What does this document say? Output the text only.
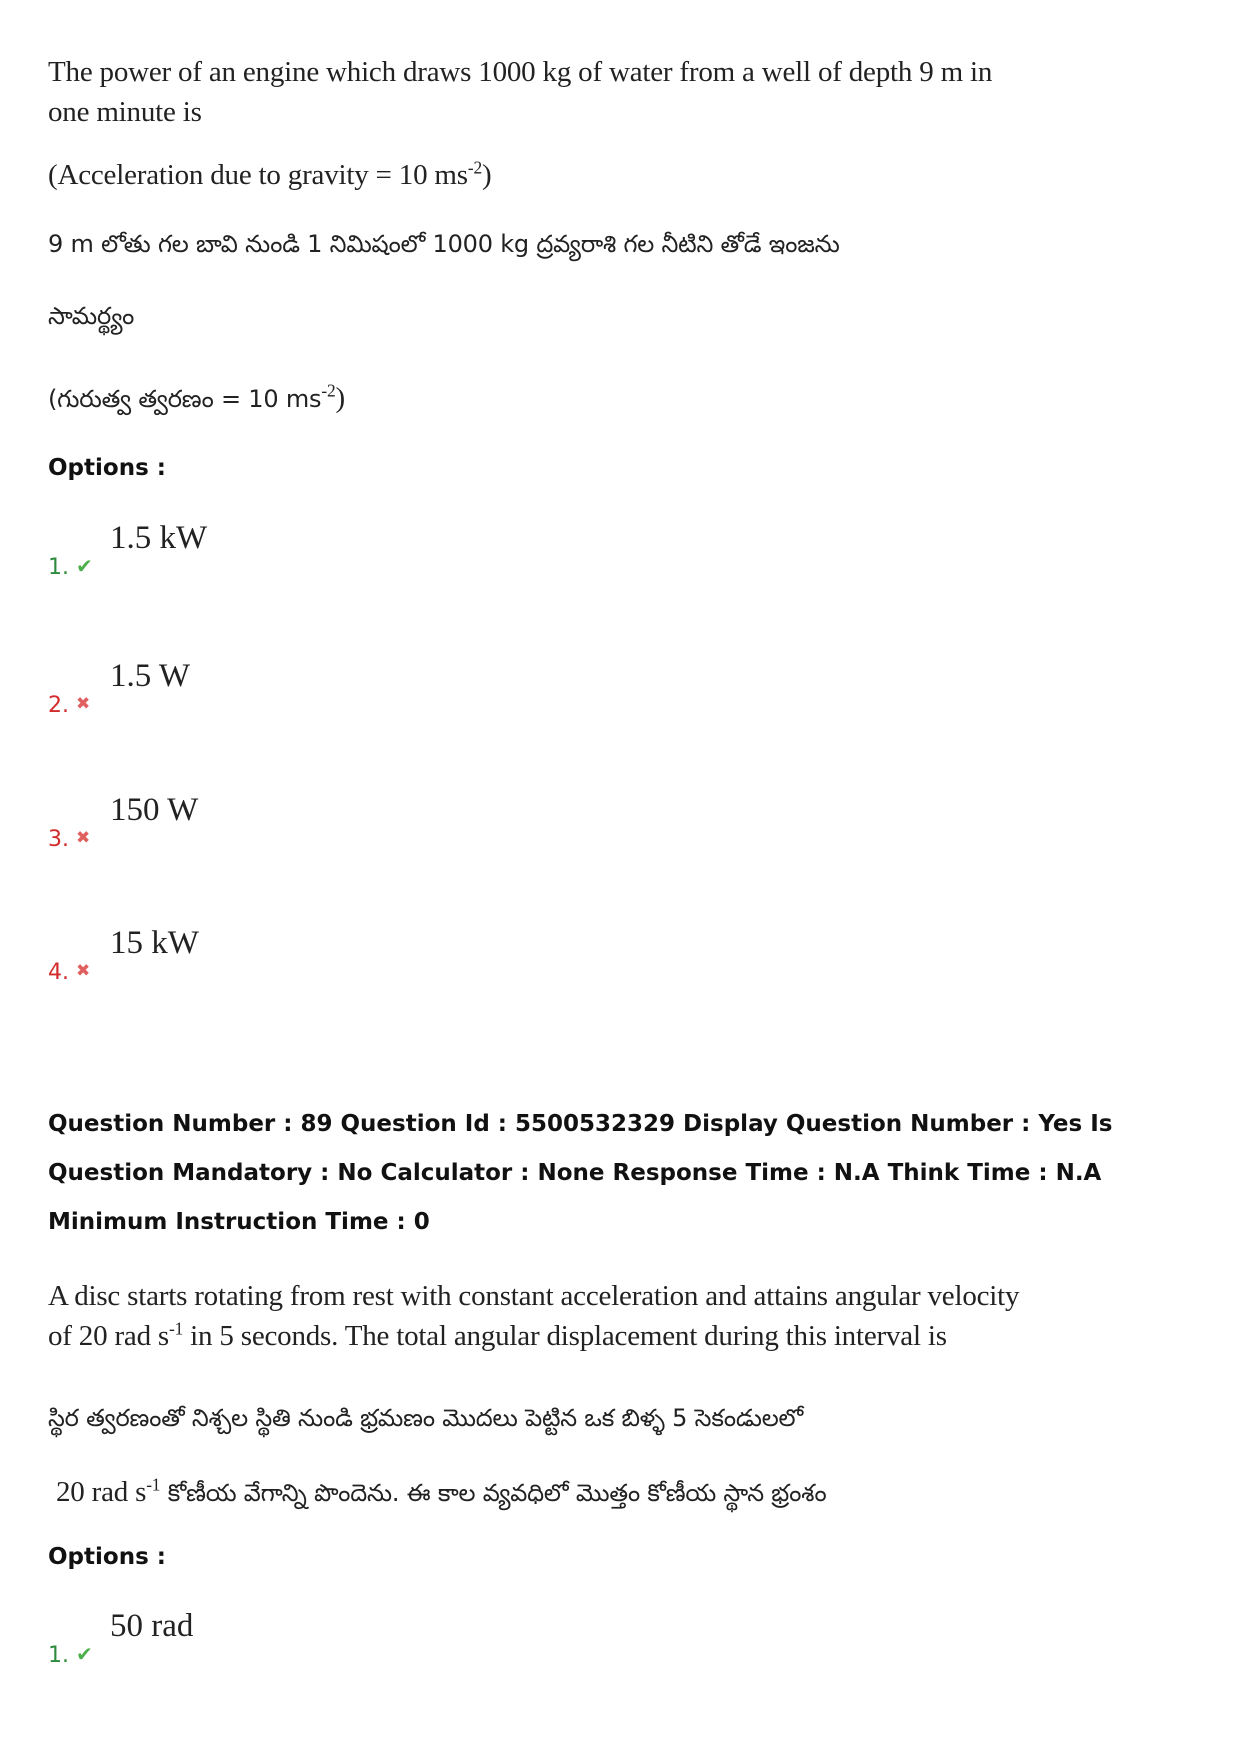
The power of an engine which draws 1000 kg of water from a well of depth 9 m in
one minute is
(Acceleration due to gravity = 10 $ms^{-2}$)
9 m లోతు గల బావి నుండి 1 నిమిషంలో 1000 kg ద్రవ్యరాశి గల నీటిని తోడే ఇంజను
సామర్థ్యం
(గురుత్వ త్వరణం = 10 $ms^{-2}$)
Options :
1. ✔
1.5 kW
2. ✖
1.5 W
3. ✖
150 W
4. ✖
15 kW
Question Number : 89 Question Id : 5500532329 Display Question Number : Yes Is Question Mandatory : No Calculator : None Response Time : N.A Think Time : N.A Minimum Instruction Time : 0
A disc starts rotating from rest with constant acceleration and attains angular velocity
of 20 rad $s^{-1}$ in 5 seconds. The total angular displacement during this interval is
స్థిర త్వరణంతో నిశ్చల స్థితి నుండి భ్రమణం మొదలు పెట్టిన ఒక బిళ్ళ 5 సెకండులలో
20 rad $s^{-1}$ కోణీయ వేగాన్ని పొందెను. ఈ కాల వ్యవధిలో మొత్తం కోణీయ స్థాన భ్రంశం
Options :
1. ✔
50 rad
